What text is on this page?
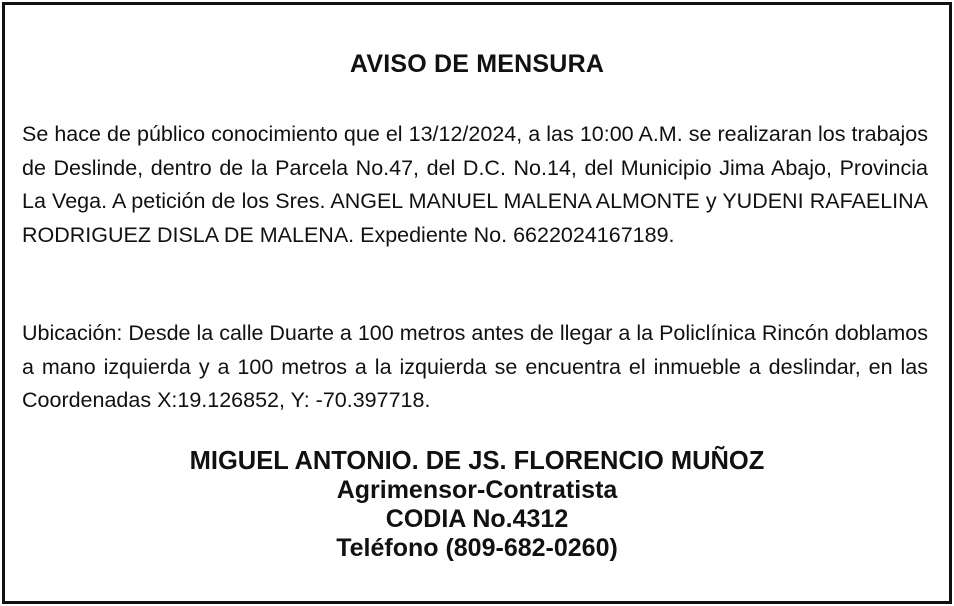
AVISO DE MENSURA

Se hace de público conocimiento que el 13/12/2024, a las 10:00 A.M. se realizaran los trabajos de Deslinde, dentro de la Parcela No.47, del D.C. No.14, del Municipio Jima Abajo, Provincia La Vega. A petición de los Sres. ANGEL MANUEL MALENA ALMONTE y YUDENI RAFAELINA RODRIGUEZ DISLA DE MALENA. Expediente No. 6622024167189.

Ubicación: Desde la calle Duarte a 100 metros antes de llegar a la Policlínica Rincón doblamos a mano izquierda y a 100 metros a la izquierda se encuentra el inmueble a deslindar, en las Coordenadas X:19.126852, Y: -70.397718.

MIGUEL ANTONIO. DE JS. FLORENCIO MUÑOZ
Agrimensor-Contratista
CODIA No.4312
Teléfono (809-682-0260)
